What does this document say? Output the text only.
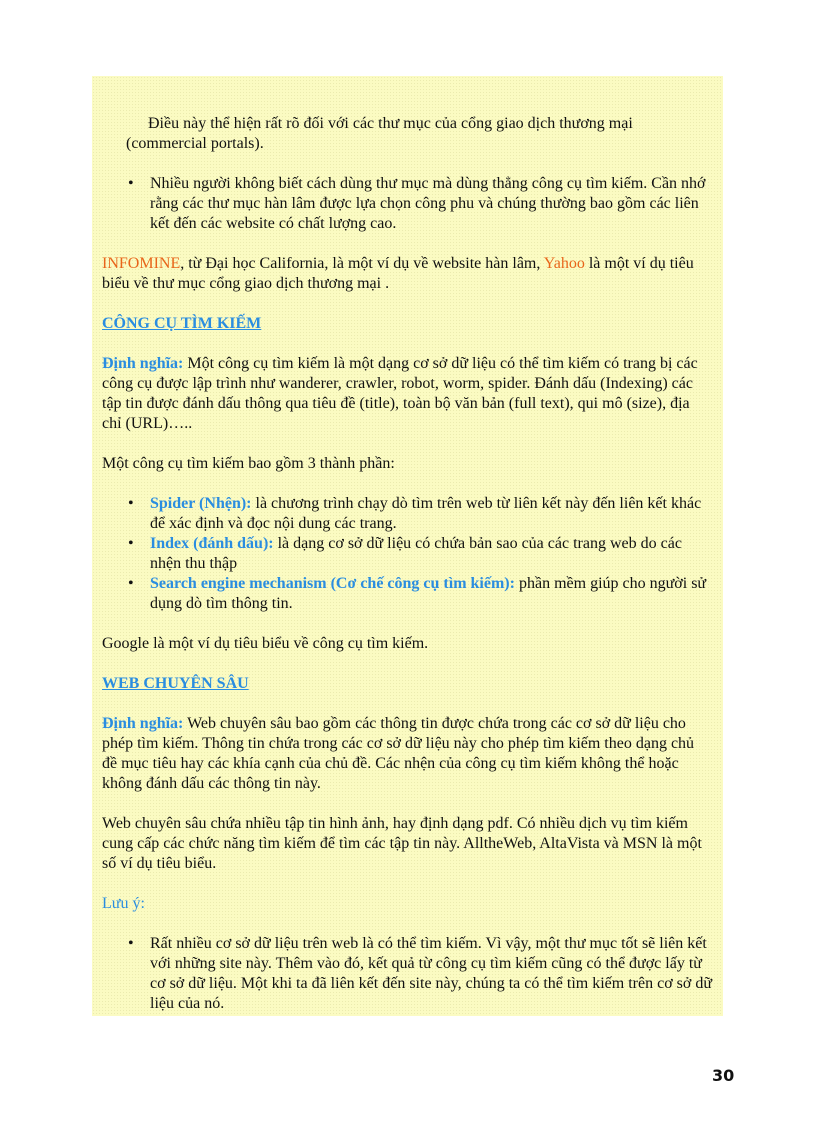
Điều này thể hiện rất rõ đối với các thư mục của cổng giao dịch thương mại
(commercial portals).

• Nhiều người không biết cách dùng thư mục mà dùng thẳng công cụ tìm kiếm. Cần nhớ rằng các thư mục hàn lâm được lựa chọn công phu và chúng thường bao gồm các liên kết đến các website có chất lượng cao.

INFOMINE, từ Đại học California, là một ví dụ về website hàn lâm, Yahoo là một ví dụ tiêu biểu về thư mục cổng giao dịch thương mại .

CÔNG CỤ TÌM KIẾM

Định nghĩa: Một công cụ tìm kiếm là một dạng cơ sở dữ liệu có thể tìm kiếm có trang bị các công cụ được lập trình như wanderer, crawler, robot, worm, spider. Đánh dấu (Indexing) các tập tin được đánh dấu thông qua tiêu đề (title), toàn bộ văn bản (full text), qui mô (size), địa chỉ (URL)…..

Một công cụ tìm kiếm bao gồm 3 thành phần:

• Spider (Nhện): là chương trình chạy dò tìm trên web từ liên kết này đến liên kết khác để xác định và đọc nội dung các trang.
• Index (đánh dấu): là dạng cơ sở dữ liệu có chứa bản sao của các trang web do các nhện thu thập
• Search engine mechanism (Cơ chế công cụ tìm kiếm): phần mềm giúp cho người sử dụng dò tìm thông tin.

Google là một ví dụ tiêu biểu về công cụ tìm kiếm.

WEB CHUYÊN SÂU

Định nghĩa: Web chuyên sâu bao gồm các thông tin được chứa trong các cơ sở dữ liệu cho phép tìm kiếm. Thông tin chứa trong các cơ sở dữ liệu này cho phép tìm kiếm theo dạng chủ đề mục tiêu hay các khía cạnh của chủ đề. Các nhện của công cụ tìm kiếm không thể hoặc không đánh dấu các thông tin này.

Web chuyên sâu chứa nhiều tập tin hình ảnh, hay định dạng pdf. Có nhiều dịch vụ tìm kiếm cung cấp các chức năng tìm kiếm để tìm các tập tin này. AlltheWeb, AltaVista và MSN là một số ví dụ tiêu biểu.

Lưu ý:

• Rất nhiều cơ sở dữ liệu trên web là có thể tìm kiếm. Vì vậy, một thư mục tốt sẽ liên kết với những site này. Thêm vào đó, kết quả từ công cụ tìm kiếm cũng có thể được lấy từ cơ sở dữ liệu. Một khi ta đã liên kết đến site này, chúng ta có thể tìm kiếm trên cơ sở dữ liệu của nó.
30
